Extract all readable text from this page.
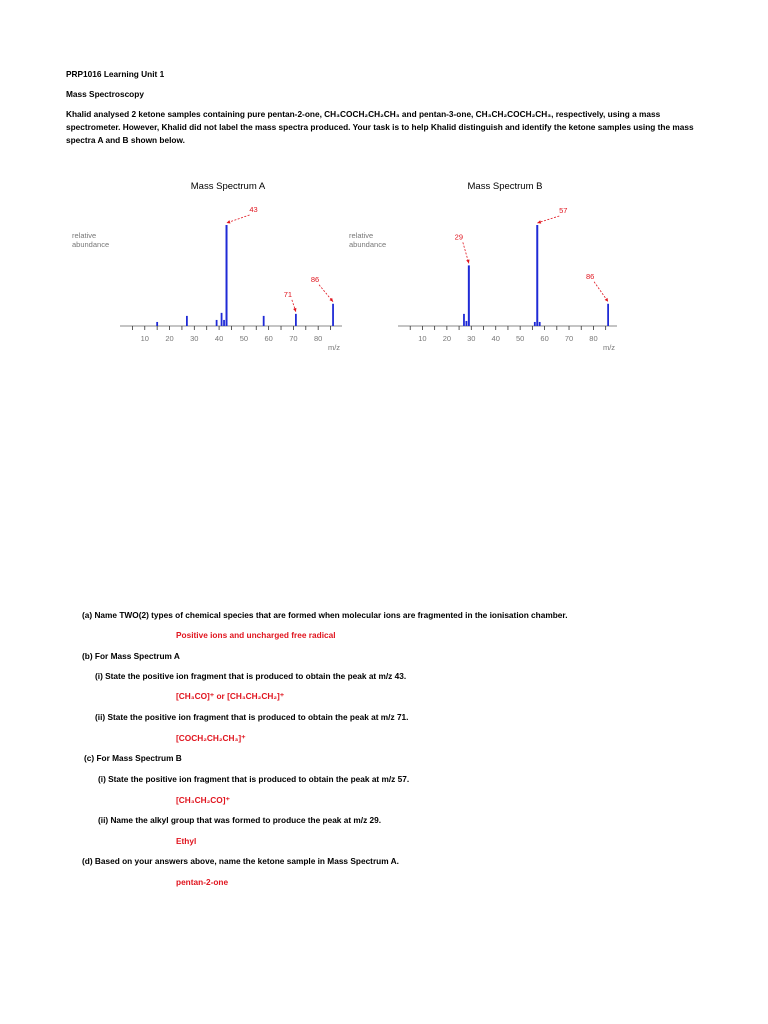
PRP1016 Learning Unit 1
Mass Spectroscopy
Khalid analysed 2 ketone samples containing pure pentan-2-one, CH₃COCH₂CH₂CH₃ and pentan-3-one, CH₃CH₂COCH₂CH₃, respectively, using a mass spectrometer. However, Khalid did not label the mass spectra produced. Your task is to help Khalid distinguish and identify the ketone samples using the mass spectra A and B shown below.
Mass Spectrum A	Mass Spectrum B
10 20 30 40 50 60 70 80
m/z
relative
abundance
43
71
86
10 20 30 40 50 60 70 80
m/z
relative
abundance
29
57
86
(a) Name TWO(2) types of chemical species that are formed when molecular ions are fragmented in the ionisation chamber.
Positive ions and uncharged free radical
(b) For Mass Spectrum A
(i) State the positive ion fragment that is produced to obtain the peak at m/z 43.
[CH₃CO]⁺ or [CH₃CH₂CH₂]⁺
(ii) State the positive ion fragment that is produced to obtain the peak at m/z 71.
[COCH₂CH₂CH₃]⁺
(c) For Mass Spectrum B
(i) State the positive ion fragment that is produced to obtain the peak at m/z 57.
[CH₃CH₂CO]⁺
(ii) Name the alkyl group that was formed to produce the peak at m/z 29.
Ethyl
(d) Based on your answers above, name the ketone sample in Mass Spectrum A.
pentan-2-one
